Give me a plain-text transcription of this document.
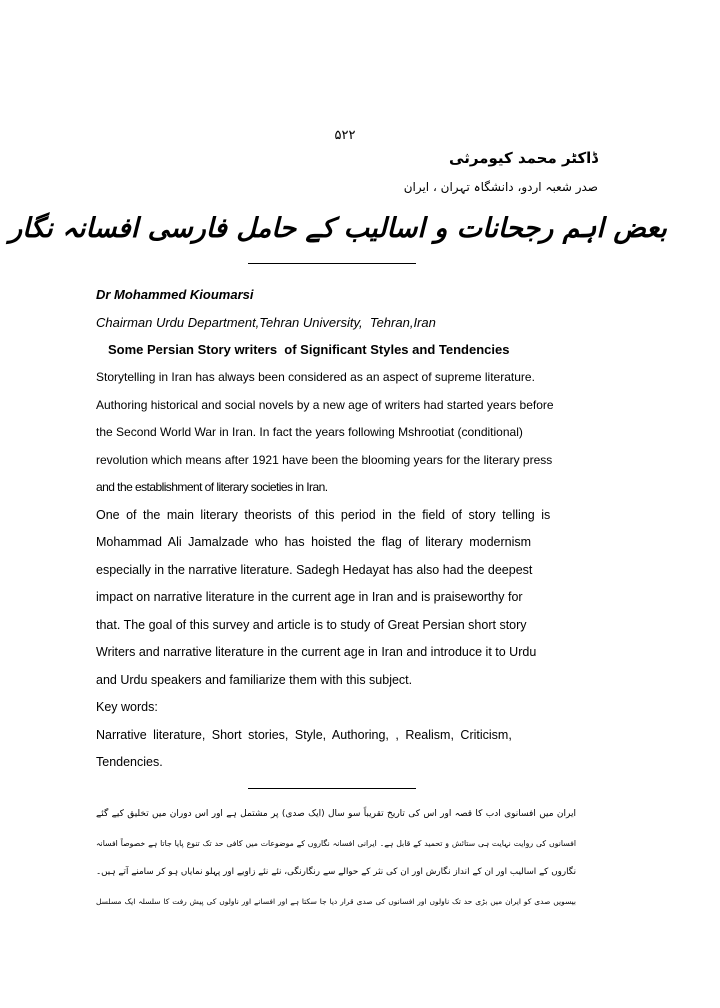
۵۲۲
ڈاکٹر محمد کیومرثی
صدر شعبہ اردو، دانشگاہ تہران ، ایران
بعض اہم رجحانات و اسالیب کے حامل فارسی افسانہ نگار
Dr Mohammed Kioumarsi
Chairman Urdu Department,Tehran University,  Tehran,Iran
Some Persian Story writers  of Significant Styles and Tendencies
Storytelling in Iran has always been considered as an aspect of supreme literature.
Authoring historical and social novels by a new age of writers had started years before
the Second World War in Iran. In fact the years following Mshrootiat (conditional)
revolution which means after 1921 have been the blooming years for the literary press
and the establishment of literary societies in Iran.
One of the main literary theorists of this period in the field of story telling is
Mohammad Ali Jamalzade who has hoisted the flag of literary modernism
especially in the narrative literature. Sadegh Hedayat has also had the deepest
impact on narrative literature in the current age in Iran and is praiseworthy for
that. The goal of this survey and article is to study of Great Persian short story
Writers and narrative literature in the current age in Iran and introduce it to Urdu
and Urdu speakers and familiarize them with this subject.
Key words:
Narrative literature, Short stories, Style, Authoring, , Realism, Criticism,
Tendencies.
ایران میں افسانوی ادب کا قصہ اور اس کی تاریخ تقریباً سو سال (ایک صدی) پر مشتمل ہے اور اس دوران میں تخلیق کیے گئے
افسانوں کی روایت نہایت ہی ستائش و تحمید کے قابل ہے۔ ایرانی افسانہ نگاروں کے موضوعات میں کافی حد تک تنوع پایا جاتا ہے خصوصاً افسانہ
نگاروں کے اسالیب اور ان کے انداز نگارش اور ان کی نثر کے حوالے سے رنگارنگی، نئے نئے زاویے اور پہلو نمایاں ہو کر سامنے آتے ہیں۔
بیسویں صدی کو ایران میں بڑی حد تک ناولوں اور افسانوں کی صدی قرار دیا جا سکتا ہے اور افسانے اور ناولوں کی پیش رفت کا سلسلہ ایک مسلسل
